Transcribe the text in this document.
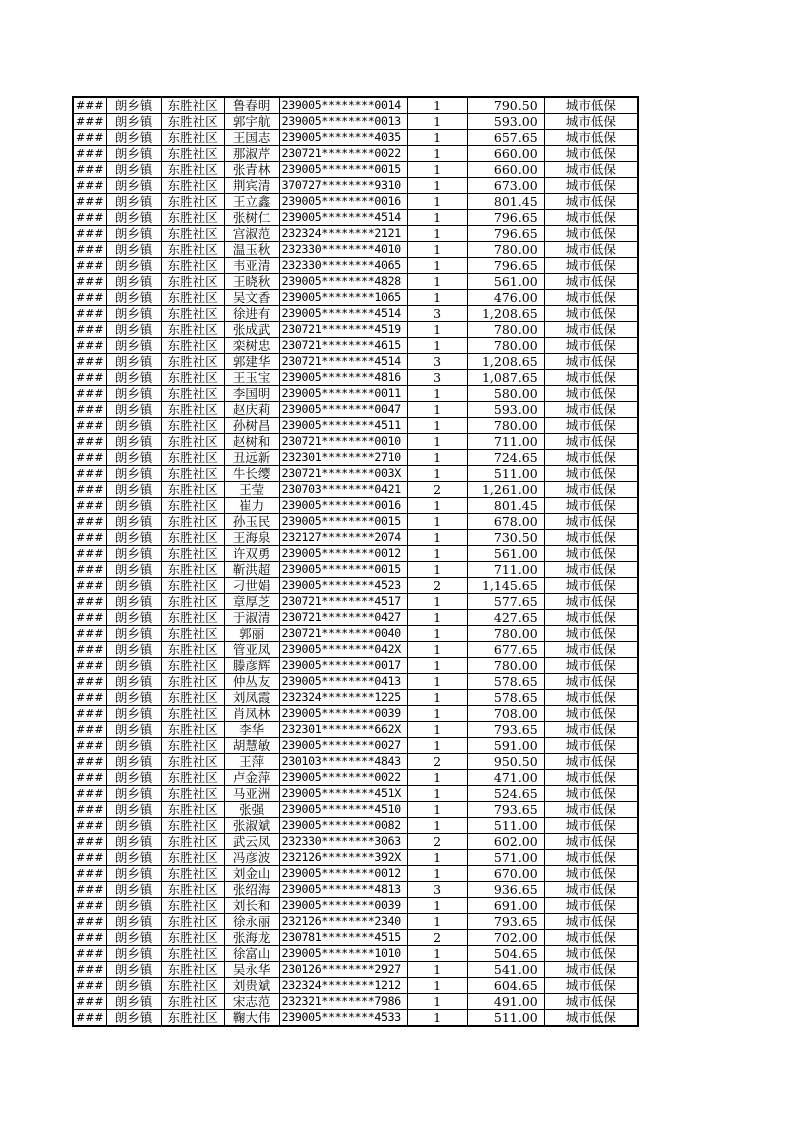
###	朗乡镇	东胜社区	鲁春明	239005********0014	1	790.50	城市低保
###	朗乡镇	东胜社区	郭宇航	239005********0013	1	593.00	城市低保
###	朗乡镇	东胜社区	王国志	239005********4035	1	657.65	城市低保
###	朗乡镇	东胜社区	那淑芹	230721********0022	1	660.00	城市低保
###	朗乡镇	东胜社区	张青林	239005********0015	1	660.00	城市低保
###	朗乡镇	东胜社区	荆宾清	370727********9310	1	673.00	城市低保
###	朗乡镇	东胜社区	王立鑫	239005********0016	1	801.45	城市低保
###	朗乡镇	东胜社区	张树仁	239005********4514	1	796.65	城市低保
###	朗乡镇	东胜社区	宫淑范	232324********2121	1	796.65	城市低保
###	朗乡镇	东胜社区	温玉秋	232330********4010	1	780.00	城市低保
###	朗乡镇	东胜社区	韦亚清	232330********4065	1	796.65	城市低保
###	朗乡镇	东胜社区	王晓秋	239005********4828	1	561.00	城市低保
###	朗乡镇	东胜社区	吴文香	239005********1065	1	476.00	城市低保
###	朗乡镇	东胜社区	徐进有	239005********4514	3	1,208.65	城市低保
###	朗乡镇	东胜社区	张成武	230721********4519	1	780.00	城市低保
###	朗乡镇	东胜社区	栾树忠	230721********4615	1	780.00	城市低保
###	朗乡镇	东胜社区	郭建华	230721********4514	3	1,208.65	城市低保
###	朗乡镇	东胜社区	王玉宝	239005********4816	3	1,087.65	城市低保
###	朗乡镇	东胜社区	李国明	239005********0011	1	580.00	城市低保
###	朗乡镇	东胜社区	赵庆莉	239005********0047	1	593.00	城市低保
###	朗乡镇	东胜社区	孙树昌	239005********4511	1	780.00	城市低保
###	朗乡镇	东胜社区	赵树和	230721********0010	1	711.00	城市低保
###	朗乡镇	东胜社区	丑远新	232301********2710	1	724.65	城市低保
###	朗乡镇	东胜社区	牛长缨	230721********003X	1	511.00	城市低保
###	朗乡镇	东胜社区	王莹	230703********0421	2	1,261.00	城市低保
###	朗乡镇	东胜社区	崔力	239005********0016	1	801.45	城市低保
###	朗乡镇	东胜社区	孙玉民	239005********0015	1	678.00	城市低保
###	朗乡镇	东胜社区	王海泉	232127********2074	1	730.50	城市低保
###	朗乡镇	东胜社区	许双勇	239005********0012	1	561.00	城市低保
###	朗乡镇	东胜社区	靳洪超	239005********0015	1	711.00	城市低保
###	朗乡镇	东胜社区	刁世娟	239005********4523	2	1,145.65	城市低保
###	朗乡镇	东胜社区	章厚芝	230721********4517	1	577.65	城市低保
###	朗乡镇	东胜社区	于淑清	230721********0427	1	427.65	城市低保
###	朗乡镇	东胜社区	郭丽	230721********0040	1	780.00	城市低保
###	朗乡镇	东胜社区	管亚凤	239005********042X	1	677.65	城市低保
###	朗乡镇	东胜社区	滕彦辉	239005********0017	1	780.00	城市低保
###	朗乡镇	东胜社区	仲丛友	239005********0413	1	578.65	城市低保
###	朗乡镇	东胜社区	刘凤霞	232324********1225	1	578.65	城市低保
###	朗乡镇	东胜社区	肖凤林	239005********0039	1	708.00	城市低保
###	朗乡镇	东胜社区	李华	232301********662X	1	793.65	城市低保
###	朗乡镇	东胜社区	胡慧敏	239005********0027	1	591.00	城市低保
###	朗乡镇	东胜社区	王萍	230103********4843	2	950.50	城市低保
###	朗乡镇	东胜社区	卢金萍	239005********0022	1	471.00	城市低保
###	朗乡镇	东胜社区	马亚洲	239005********451X	1	524.65	城市低保
###	朗乡镇	东胜社区	张强	239005********4510	1	793.65	城市低保
###	朗乡镇	东胜社区	张淑斌	239005********0082	1	511.00	城市低保
###	朗乡镇	东胜社区	武云凤	232330********3063	2	602.00	城市低保
###	朗乡镇	东胜社区	冯彦波	232126********392X	1	571.00	城市低保
###	朗乡镇	东胜社区	刘金山	239005********0012	1	670.00	城市低保
###	朗乡镇	东胜社区	张绍海	239005********4813	3	936.65	城市低保
###	朗乡镇	东胜社区	刘长和	239005********0039	1	691.00	城市低保
###	朗乡镇	东胜社区	徐永丽	232126********2340	1	793.65	城市低保
###	朗乡镇	东胜社区	张海龙	230781********4515	2	702.00	城市低保
###	朗乡镇	东胜社区	徐富山	239005********1010	1	504.65	城市低保
###	朗乡镇	东胜社区	吴永华	230126********2927	1	541.00	城市低保
###	朗乡镇	东胜社区	刘贵斌	232324********1212	1	604.65	城市低保
###	朗乡镇	东胜社区	宋志范	232321********7986	1	491.00	城市低保
###	朗乡镇	东胜社区	鞠大伟	239005********4533	1	511.00	城市低保
